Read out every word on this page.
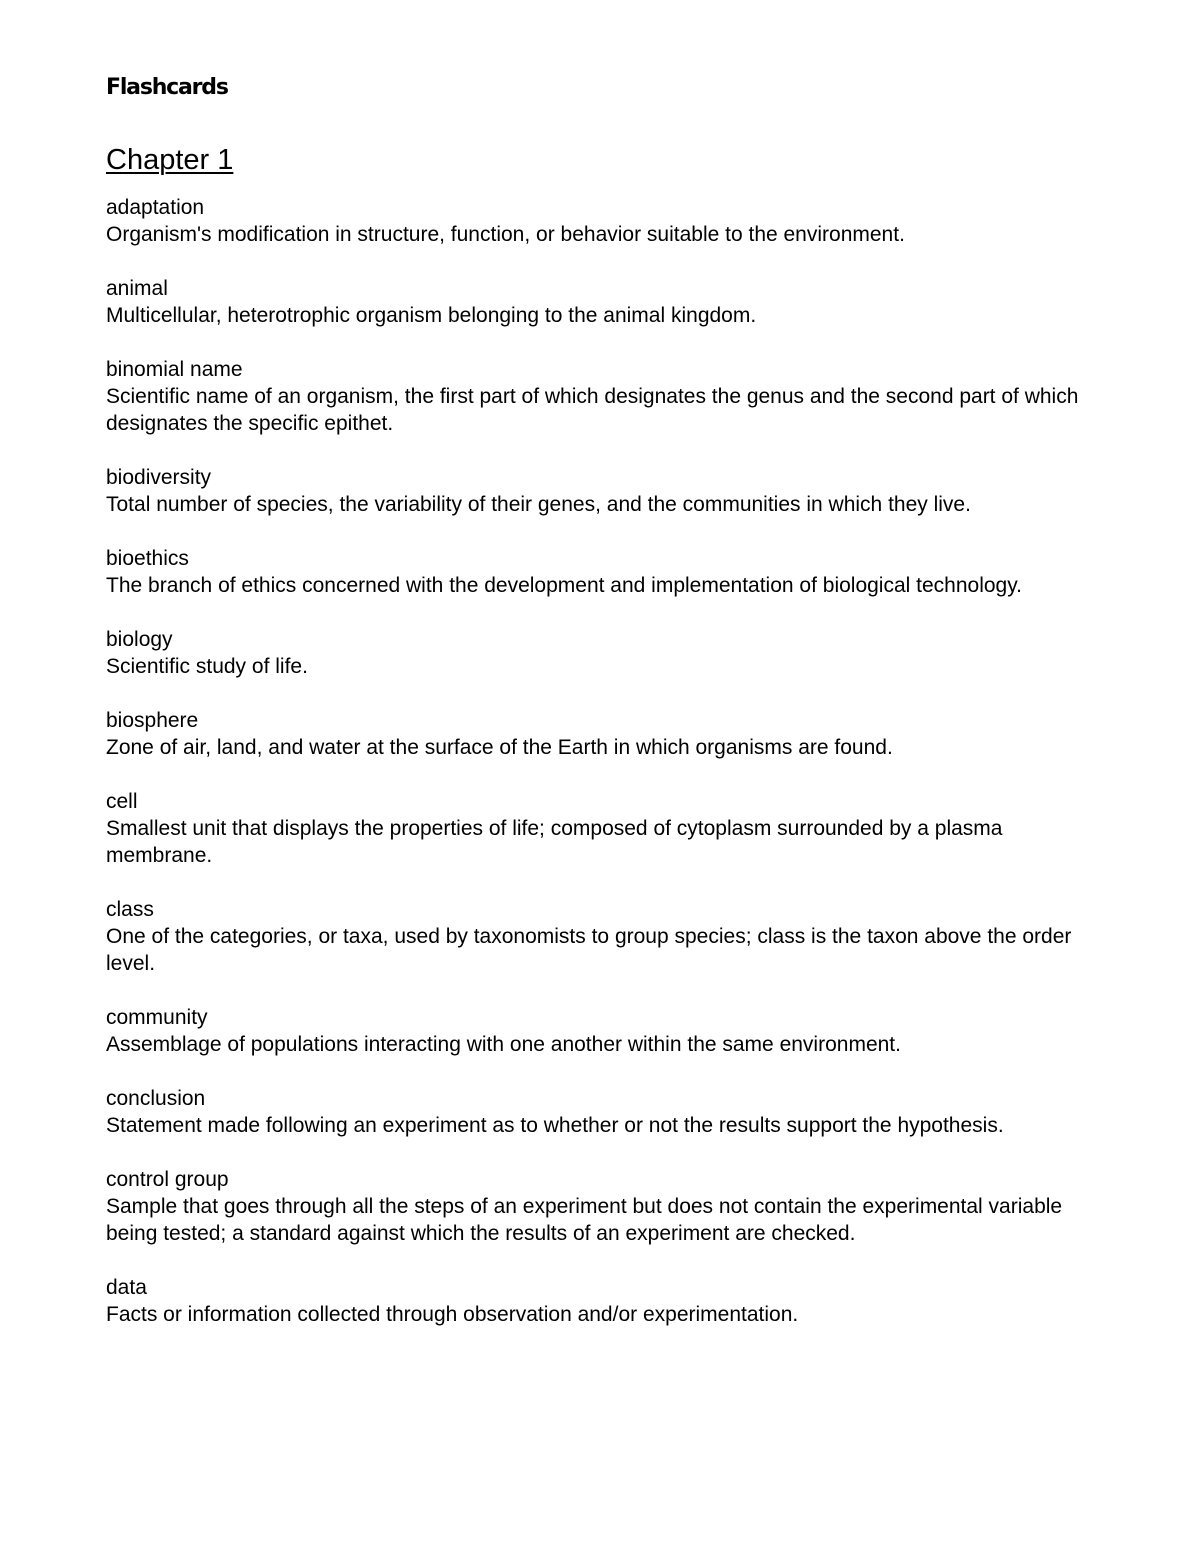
Flashcards
Chapter 1
adaptation
Organism's modification in structure, function, or behavior suitable to the environment.
animal
Multicellular, heterotrophic organism belonging to the animal kingdom.
binomial name
Scientific name of an organism, the first part of which designates the genus and the second part of which designates the specific epithet.
biodiversity
Total number of species, the variability of their genes, and the communities in which they live.
bioethics
The branch of ethics concerned with the development and implementation of biological technology.
biology
Scientific study of life.
biosphere
Zone of air, land, and water at the surface of the Earth in which organisms are found.
cell
Smallest unit that displays the properties of life; composed of cytoplasm surrounded by a plasma membrane.
class
One of the categories, or taxa, used by taxonomists to group species; class is the taxon above the order level.
community
Assemblage of populations interacting with one another within the same environment.
conclusion
Statement made following an experiment as to whether or not the results support the hypothesis.
control group
Sample that goes through all the steps of an experiment but does not contain the experimental variable being tested; a standard against which the results of an experiment are checked.
data
Facts or information collected through observation and/or experimentation.
